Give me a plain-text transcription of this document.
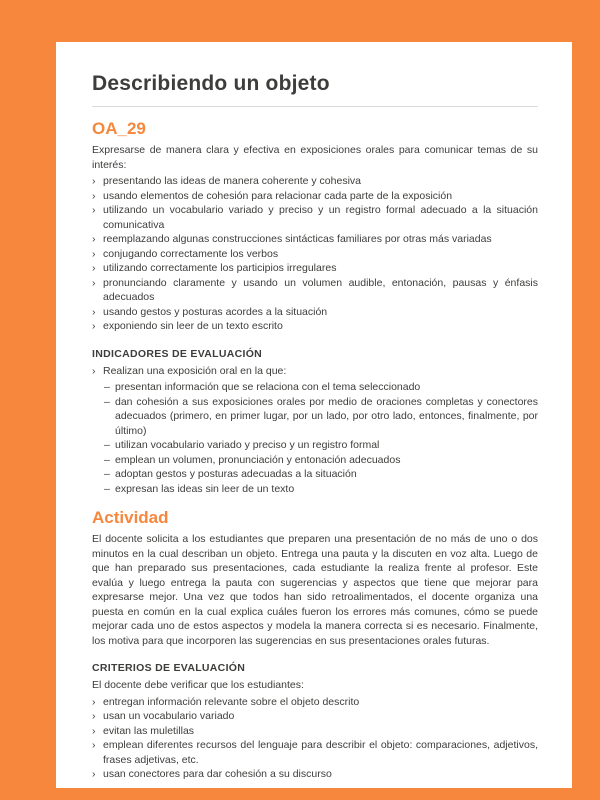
Describiendo un objeto
OA_29

Expresarse de manera clara y efectiva en exposiciones orales para comunicar temas de su interés:

› presentando las ideas de manera coherente y cohesiva
› usando elementos de cohesión para relacionar cada parte de la exposición
› utilizando un vocabulario variado y preciso y un registro formal adecuado a la situación comunicativa
› reemplazando algunas construcciones sintácticas familiares por otras más variadas
› conjugando correctamente los verbos
› utilizando correctamente los participios irregulares
› pronunciando claramente y usando un volumen audible, entonación, pausas y énfasis adecuados
› usando gestos y posturas acordes a la situación
› exponiendo sin leer de un texto escrito
INDICADORES DE EVALUACIÓN
› Realizan una exposición oral en la que:
– presentan información que se relaciona con el tema seleccionado
– dan cohesión a sus exposiciones orales por medio de oraciones completas y conectores adecuados (primero, en primer lugar, por un lado, por otro lado, entonces, finalmente, por último)
– utilizan vocabulario variado y preciso y un registro formal
– emplean un volumen, pronunciación y entonación adecuados
– adoptan gestos y posturas adecuadas a la situación
– expresan las ideas sin leer de un texto
Actividad

El docente solicita a los estudiantes que preparen una presentación de no más de uno o dos minutos en la cual describan un objeto. Entrega una pauta y la discuten en voz alta. Luego de que han preparado sus presentaciones, cada estudiante la realiza frente al profesor. Este evalúa y luego entrega la pauta con sugerencias y aspectos que tiene que mejorar para expresarse mejor. Una vez que todos han sido retroalimentados, el docente organiza una puesta en común en la cual explica cuáles fueron los errores más comunes, cómo se puede mejorar cada uno de estos aspectos y modela la manera correcta si es necesario. Finalmente, los motiva para que incorporen las sugerencias en sus presentaciones orales futuras.

CRITERIOS DE EVALUACIÓN

El docente debe verificar que los estudiantes:

› entregan información relevante sobre el objeto descrito
› usan un vocabulario variado
› evitan las muletillas
› emplean diferentes recursos del lenguaje para describir el objeto: comparaciones, adjetivos, frases adjetivas, etc.
› usan conectores para dar cohesión a su discurso
